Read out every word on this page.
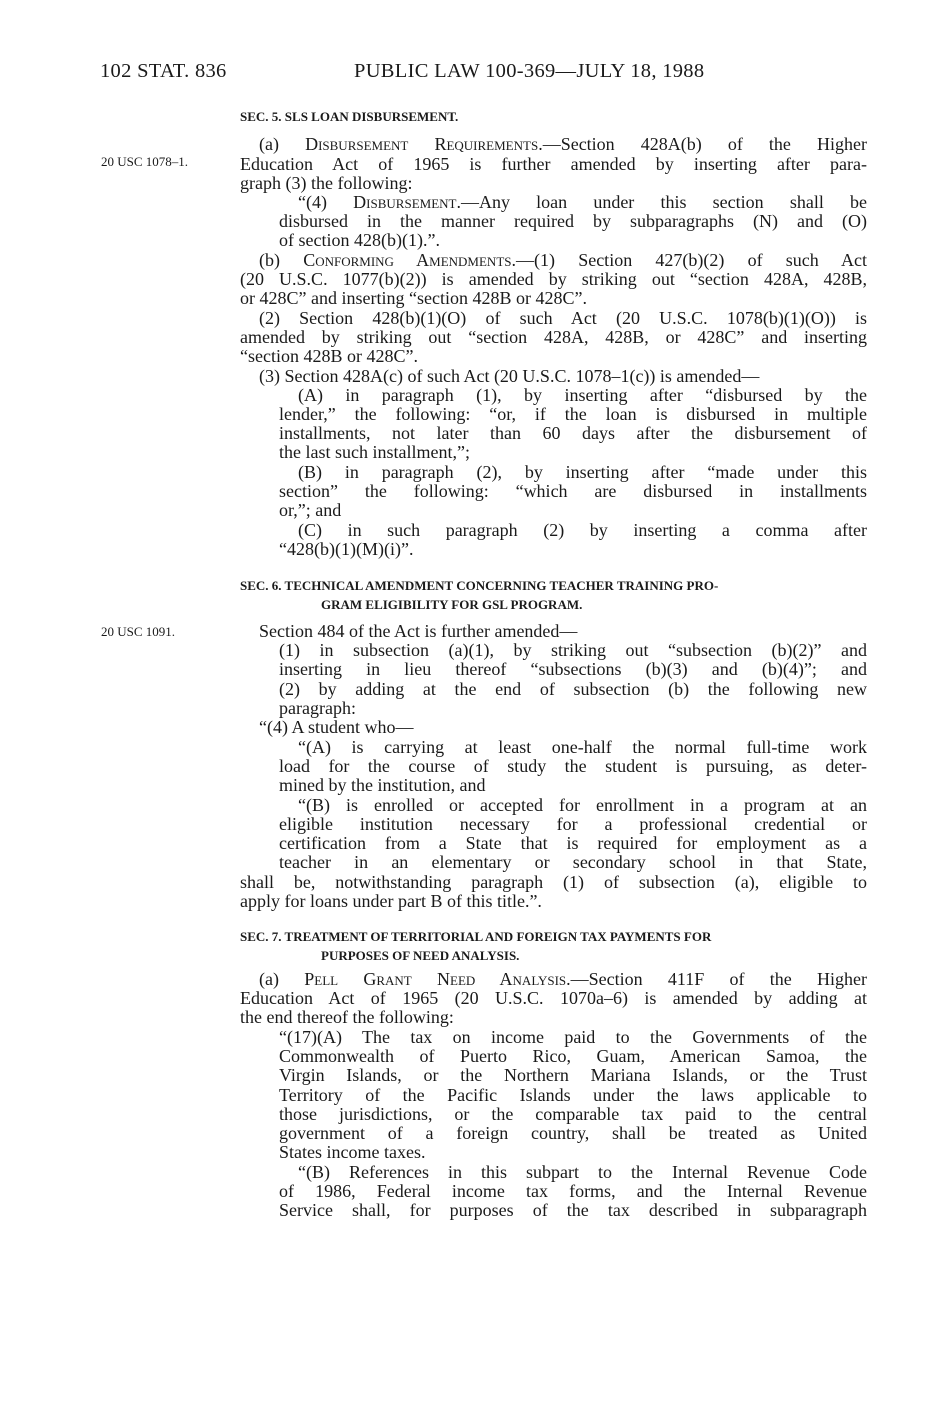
102 STAT. 836	PUBLIC LAW 100-369—JULY 18, 1988
20 USC 1078–1.
20 USC 1091.
SEC. 5. SLS LOAN DISBURSEMENT.
SEC. 6. TECHNICAL AMENDMENT CONCERNING TEACHER TRAINING PRO-
GRAM ELIGIBILITY FOR GSL PROGRAM.
SEC. 7. TREATMENT OF TERRITORIAL AND FOREIGN TAX PAYMENTS FOR
PURPOSES OF NEED ANALYSIS.
(a) Disbursement Requirements.—Section 428A(b) of the Higher
Education Act of 1965 is further amended by inserting after para-
graph (3) the following:
“(4) Disbursement.—Any loan under this section shall be
disbursed in the manner required by subparagraphs (N) and (O)
of section 428(b)(1).”.
(b) Conforming Amendments.—(1) Section 427(b)(2) of such Act
(20 U.S.C. 1077(b)(2)) is amended by striking out “section 428A, 428B,
or 428C” and inserting “section 428B or 428C”.
(2) Section 428(b)(1)(O) of such Act (20 U.S.C. 1078(b)(1)(O)) is
amended by striking out “section 428A, 428B, or 428C” and inserting
“section 428B or 428C”.
(3) Section 428A(c) of such Act (20 U.S.C. 1078–1(c)) is amended—
(A) in paragraph (1), by inserting after “disbursed by the
lender,” the following: “or, if the loan is disbursed in multiple
installments, not later than 60 days after the disbursement of
the last such installment,”;
(B) in paragraph (2), by inserting after “made under this
section” the following: “which are disbursed in installments
or,”; and
(C) in such paragraph (2) by inserting a comma after
“428(b)(1)(M)(i)”.
Section 484 of the Act is further amended—
(1) in subsection (a)(1), by striking out “subsection (b)(2)” and
inserting in lieu thereof “subsections (b)(3) and (b)(4)”; and
(2) by adding at the end of subsection (b) the following new
paragraph:
“(4) A student who—
“(A) is carrying at least one-half the normal full-time work
load for the course of study the student is pursuing, as deter-
mined by the institution, and
“(B) is enrolled or accepted for enrollment in a program at an
eligible institution necessary for a professional credential or
certification from a State that is required for employment as a
teacher in an elementary or secondary school in that State,
shall be, notwithstanding paragraph (1) of subsection (a), eligible to
apply for loans under part B of this title.”.
(a) Pell Grant Need Analysis.—Section 411F of the Higher
Education Act of 1965 (20 U.S.C. 1070a–6) is amended by adding at
the end thereof the following:
“(17)(A) The tax on income paid to the Governments of the
Commonwealth of Puerto Rico, Guam, American Samoa, the
Virgin Islands, or the Northern Mariana Islands, or the Trust
Territory of the Pacific Islands under the laws applicable to
those jurisdictions, or the comparable tax paid to the central
government of a foreign country, shall be treated as United
States income taxes.
“(B) References in this subpart to the Internal Revenue Code
of 1986, Federal income tax forms, and the Internal Revenue
Service shall, for purposes of the tax described in subparagraph
